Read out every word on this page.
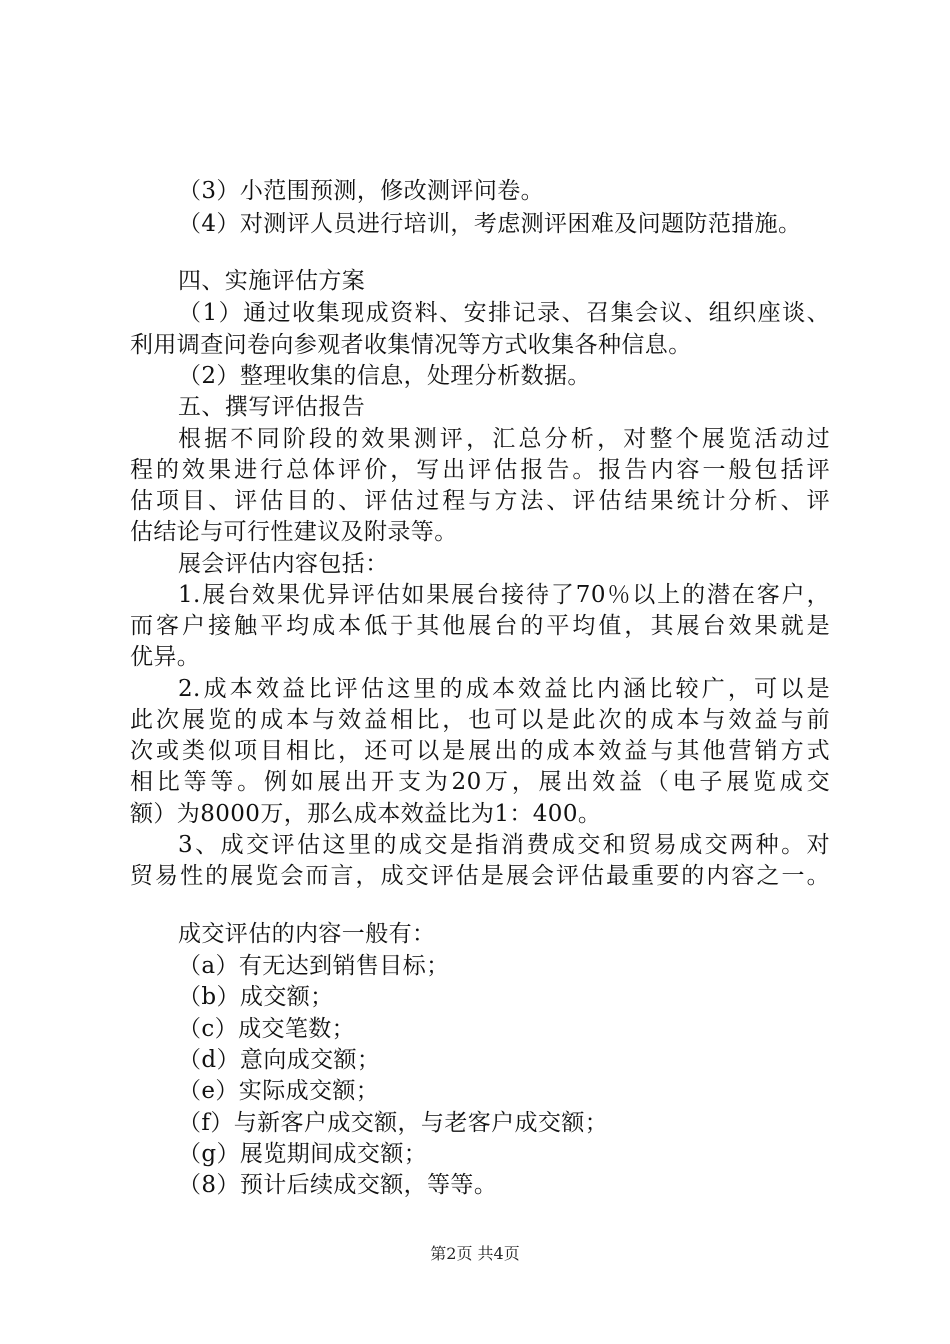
（3）小范围预测，修改测评问卷。
（4）对测评人员进行培训，考虑测评困难及问题防范措施。
四、实施评估方案
（1）通过收集现成资料、安排记录、召集会议、组织座谈、
利用调查问卷向参观者收集情况等方式收集各种信息。
（2）整理收集的信息，处理分析数据。
五、撰写评估报告
根据不同阶段的效果测评，汇总分析，对整个展览活动过
程的效果进行总体评价，写出评估报告。报告内容一般包括评
估项目、评估目的、评估过程与方法、评估结果统计分析、评
估结论与可行性建议及附录等。
展会评估内容包括：
1.展台效果优异评估如果展台接待了70％以上的潜在客户，
而客户接触平均成本低于其他展台的平均值，其展台效果就是
优异。
2.成本效益比评估这里的成本效益比内涵比较广，可以是
此次展览的成本与效益相比，也可以是此次的成本与效益与前
次或类似项目相比，还可以是展出的成本效益与其他营销方式
相比等等。例如展出开支为20万，展出效益（电子展览成交
额）为8000万，那么成本效益比为1：400。
3、成交评估这里的成交是指消费成交和贸易成交两种。对
贸易性的展览会而言，成交评估是展会评估最重要的内容之一。
成交评估的内容一般有：
（a）有无达到销售目标；
（b）成交额；
（c）成交笔数；
（d）意向成交额；
（e）实际成交额；
（f）与新客户成交额，与老客户成交额；
（g）展览期间成交额；
（8）预计后续成交额，等等。
第2页 共4页
